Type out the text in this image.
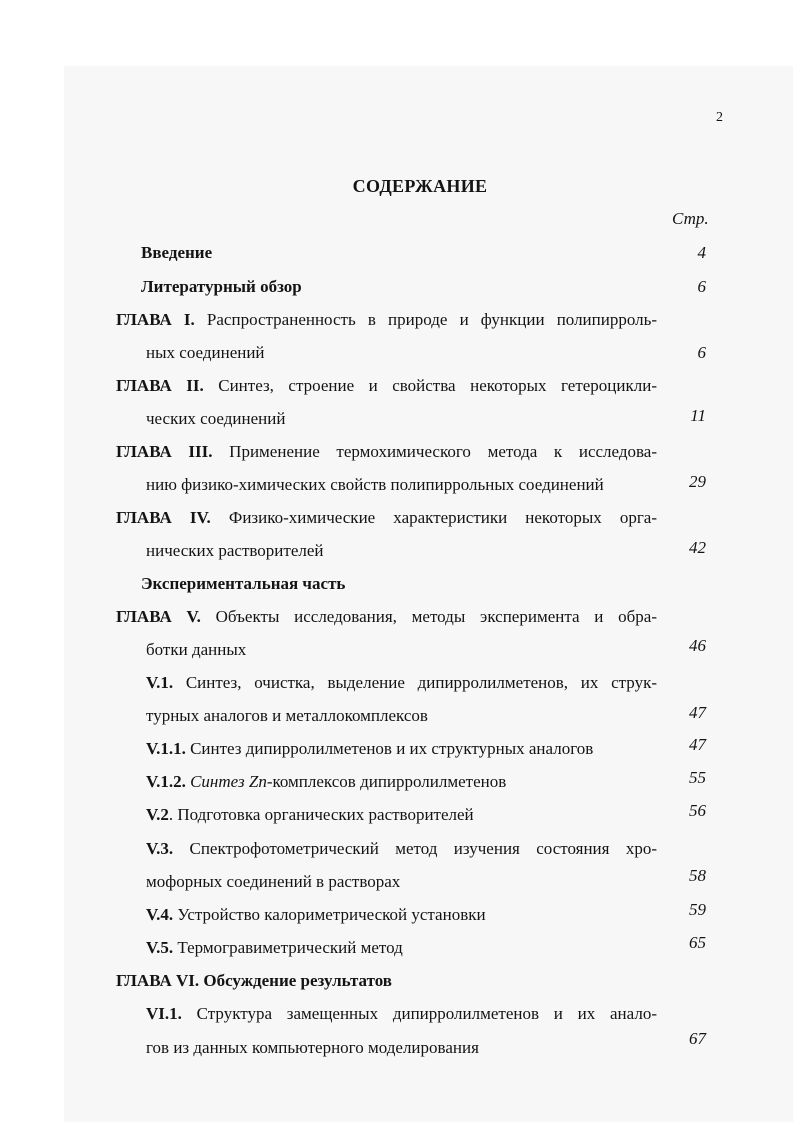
2
СОДЕРЖАНИЕ
Стр.
Введение	4
Литературный обзор	6
ГЛАВА I. Распространенность в природе и функции полипирроль-
ных соединений	6
ГЛАВА II. Синтез, строение и свойства некоторых гетероцикли-
ческих соединений	11
ГЛАВА III. Применение термохимического метода к исследова-
нию физико-химических свойств полипиррольных соединений	29
ГЛАВА IV. Физико-химические характеристики некоторых орга-
нических растворителей	42
Экспериментальная часть
ГЛАВА V. Объекты исследования, методы эксперимента и обра-
ботки данных	46
V.1. Синтез, очистка, выделение дипирролилметенов, их струк-
турных аналогов и металлокомплексов	47
V.1.1. Синтез дипирролилметенов и их структурных аналогов	47
V.1.2. Синтез Zn-комплексов дипирролилметенов	55
V.2. Подготовка органических растворителей	56
V.3. Спектрофотометрический метод изучения состояния хро-
мофорных соединений в растворах	58
V.4. Устройство калориметрической установки	59
V.5. Термогравиметрический метод	65
ГЛАВА VI. Обсуждение результатов
VI.1. Структура замещенных дипирролилметенов и их анало-
гов из данных компьютерного моделирования	67
